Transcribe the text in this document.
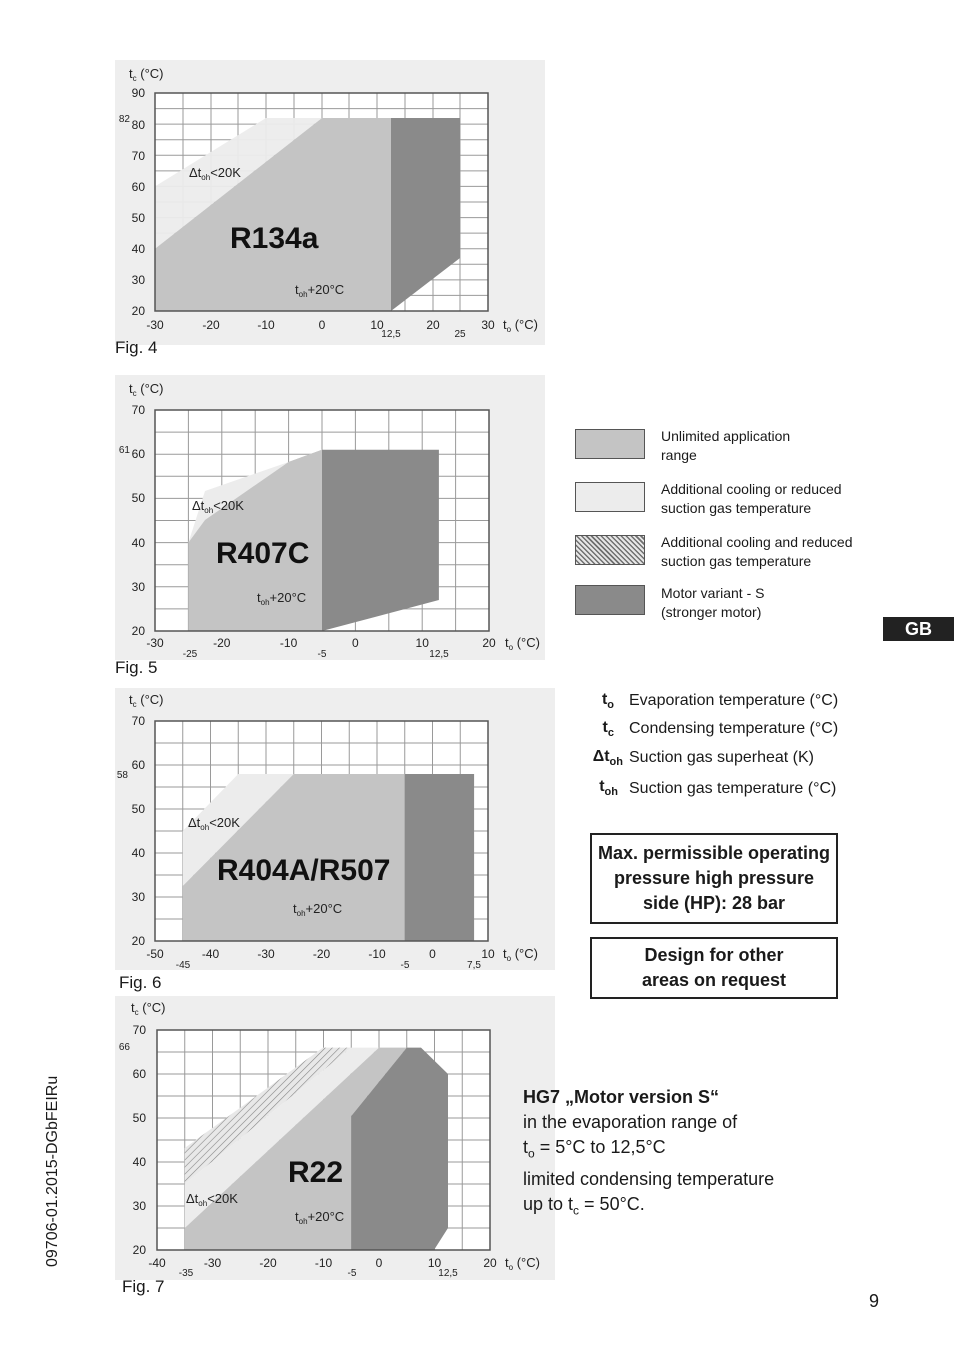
20
30
40
50
60
70
80
90
82
-30	-20	-10	0	10	20	30
12,5	25
$t_c$ (°C)
$t_o$ (°C)
$\Delta t_{oh}<20K$
$t_{oh}+20^\circ C$
R134a
Fig. 4
20
30
40
50
60
70
61
-30	-20	-10	0	10	20
-25	-5	12,5
$t_c$ (°C)
$t_o$ (°C)
$\Delta t_{oh}<20K$
$t_{oh}+20^\circ C$
R407C
Fig. 5
20
30
40
50
60
70
58
-50	-40	-30	-20	-10	0	10
-45	-5	7,5
$t_c$ (°C)
$t_o$ (°C)
$\Delta t_{oh}<20K$
$t_{oh}+20^\circ C$
R404A/R507
Fig. 6
20
30
40
50
60
70
66
-40	-30	-20	-10	0	10	20
-35	-5	12,5
$t_c$ (°C)
$t_o$ (°C)
$\Delta t_{oh}<20K$
$t_{oh}+20^\circ C$
R22
Fig. 7
Unlimited application
range
Additional cooling or reduced
suction gas temperature
Additional cooling and reduced
suction gas temperature
Motor variant - S
(stronger motor)
GB
$t_o$ Evaporation temperature (°C)
$t_c$ Condensing temperature (°C)
$\Delta t_{oh}$ Suction gas superheat (K)
$t_{oh}$ Suction gas temperature (°C)
Max. permissible operating
pressure high pressure
side (HP): 28 bar
Design for other
areas on request
HG7 „Motor version S“
in the evaporation range of
$t_o = 5^\circ C$ to 12,5°C
limited condensing temperature
up to $t_c = 50^\circ C$.
09706-01.2015-DGbFEIRu
9
